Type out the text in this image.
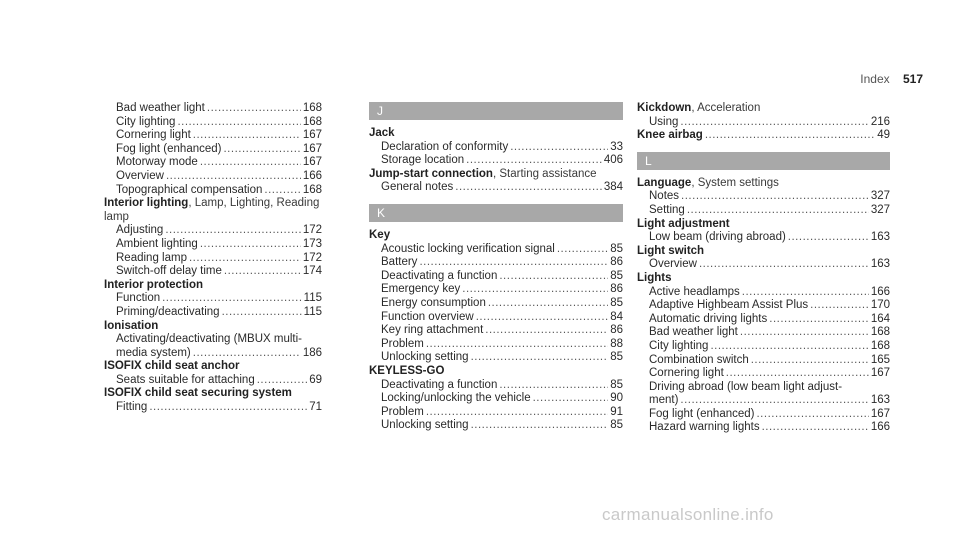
Index 517
Bad weather light .....	168
City lighting .....	168
Cornering light .....	167
Fog light (enhanced) .....	167
Motorway mode .....	167
Overview .....	166
Topographical compensation .....	168
Interior lighting, Lamp, Lighting, Reading lamp
Adjusting .....	172
Ambient lighting .....	173
Reading lamp .....	172
Switch-off delay time .....	174
Interior protection
Function .....	115
Priming/deactivating .....	115
Ionisation
Activating/deactivating (MBUX multi-
media system) .....	186
ISOFIX child seat anchor
Seats suitable for attaching .....	69
ISOFIX child seat securing system
Fitting .....	71
J
Jack
Declaration of conformity .....	33
Storage location .....	406
Jump-start connection, Starting assistance
General notes .....	384
K
Key
Acoustic locking verification signal .....	85
Battery .....	86
Deactivating a function .....	85
Emergency key .....	86
Energy consumption .....	85
Function overview .....	84
Key ring attachment .....	86
Problem .....	88
Unlocking setting .....	85
KEYLESS-GO
Deactivating a function .....	85
Locking/unlocking the vehicle .....	90
Problem .....	91
Unlocking setting .....	85
Kickdown, Acceleration
Using .....	216
Knee airbag .....	49
L
Language, System settings
Notes .....	327
Setting .....	327
Light adjustment
Low beam (driving abroad) .....	163
Light switch
Overview .....	163
Lights
Active headlamps .....	166
Adaptive Highbeam Assist Plus .....	170
Automatic driving lights .....	164
Bad weather light .....	168
City lighting .....	168
Combination switch .....	165
Cornering light .....	167
Driving abroad (low beam light adjust-
ment) .....	163
Fog light (enhanced) .....	167
Hazard warning lights .....	166
carmanualsonline.info
